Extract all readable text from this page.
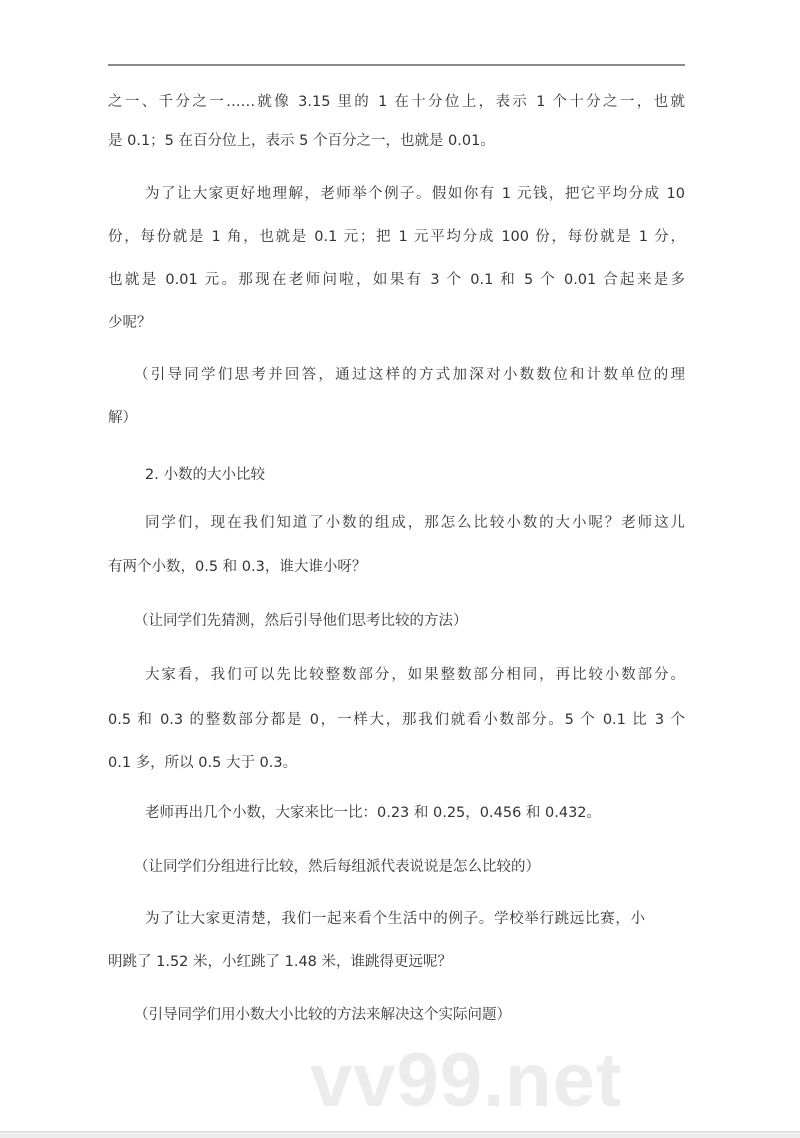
之一、千分之一……就像 3.15 里的 1 在十分位上，表示 1 个十分之一，也就
是 0.1；5 在百分位上，表示 5 个百分之一，也就是 0.01。
为了让大家更好地理解，老师举个例子。假如你有 1 元钱，把它平均分成 10
份，每份就是 1 角，也就是 0.1 元；把 1 元平均分成 100 份，每份就是 1 分，
也就是 0.01 元。那现在老师问啦，如果有 3 个 0.1 和 5 个 0.01 合起来是多
少呢？
（引导同学们思考并回答，通过这样的方式加深对小数数位和计数单位的理
解）
2. 小数的大小比较
同学们，现在我们知道了小数的组成，那怎么比较小数的大小呢？老师这儿
有两个小数，0.5 和 0.3，谁大谁小呀？
（让同学们先猜测，然后引导他们思考比较的方法）
大家看，我们可以先比较整数部分，如果整数部分相同，再比较小数部分。
0.5 和 0.3 的整数部分都是 0，一样大，那我们就看小数部分。5 个 0.1 比 3 个
0.1 多，所以 0.5 大于 0.3。
老师再出几个小数，大家来比一比：0.23 和 0.25，0.456 和 0.432。
（让同学们分组进行比较，然后每组派代表说说是怎么比较的）
为了让大家更清楚，我们一起来看个生活中的例子。学校举行跳远比赛，小
明跳了 1.52 米，小红跳了 1.48 米，谁跳得更远呢？
（引导同学们用小数大小比较的方法来解决这个实际问题）
vv99.net
